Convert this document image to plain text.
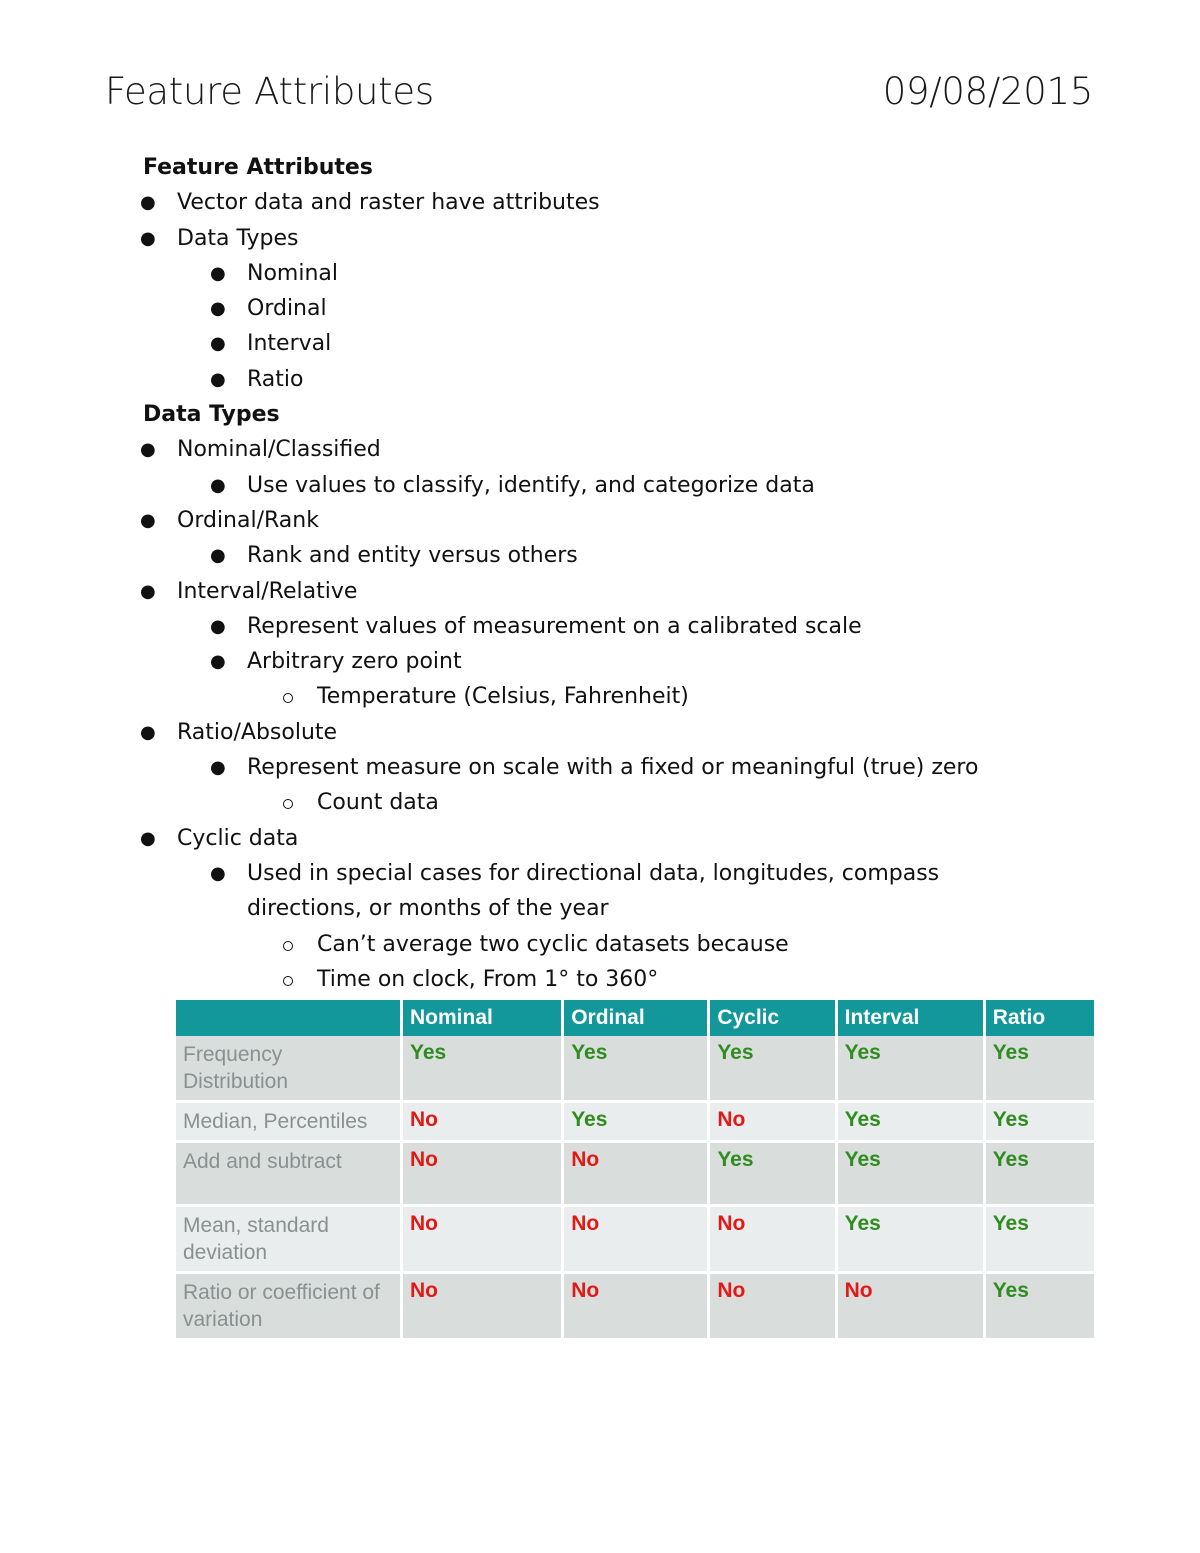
Feature Attributes	09/08/2015
Feature Attributes
● Vector data and raster have attributes
● Data Types
● Nominal
● Ordinal
● Interval
● Ratio
Data Types
● Nominal/Classified
● Use values to classify, identify, and categorize data
● Ordinal/Rank
● Rank and entity versus others
● Interval/Relative
● Represent values of measurement on a calibrated scale
● Arbitrary zero point
Temperature (Celsius, Fahrenheit)
● Ratio/Absolute
● Represent measure on scale with a fixed or meaningful (true) zero
Count data
● Cyclic data
● Used in special cases for directional data, longitudes, compass directions, or months of the year
Can’t average two cyclic datasets because
Time on clock, From 1° to 360°
	Nominal	Ordinal	Cyclic	Interval	Ratio
Frequency Distribution	Yes	Yes	Yes	Yes	Yes
Median, Percentiles	No	Yes	No	Yes	Yes
Add and subtract	No	No	Yes	Yes	Yes
Mean, standard deviation	No	No	No	Yes	Yes
Ratio or coefficient of variation	No	No	No	No	Yes
